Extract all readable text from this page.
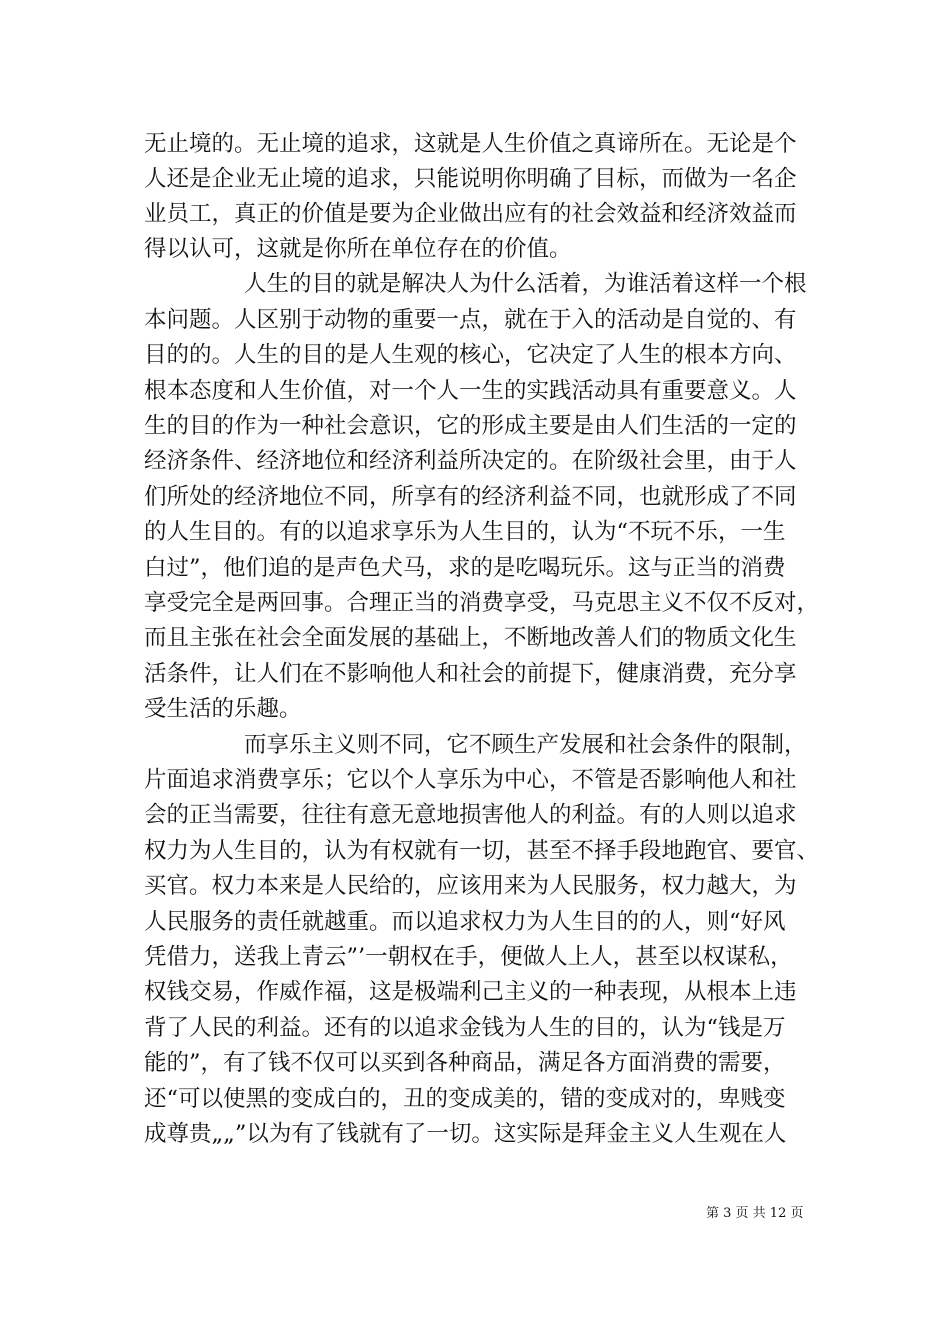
无止境的。无止境的追求，这就是人生价值之真谛所在。无论是个
人还是企业无止境的追求，只能说明你明确了目标，而做为一名企
业员工，真正的价值是要为企业做出应有的社会效益和经济效益而
得以认可，这就是你所在单位存在的价值。
人生的目的就是解决人为什么活着，为谁活着这样一个根
本问题。人区别于动物的重要一点，就在于入的活动是自觉的、有
目的的。人生的目的是人生观的核心，它决定了人生的根本方向、
根本态度和人生价值，对一个人一生的实践活动具有重要意义。人
生的目的作为一种社会意识，它的形成主要是由人们生活的一定的
经济条件、经济地位和经济利益所决定的。在阶级社会里，由于人
们所处的经济地位不同，所享有的经济利益不同，也就形成了不同
的人生目的。有的以追求享乐为人生目的，认为“不玩不乐，一生
白过”，他们追的是声色犬马，求的是吃喝玩乐。这与正当的消费
享受完全是两回事。合理正当的消费享受，马克思主义不仅不反对，
而且主张在社会全面发展的基础上，不断地改善人们的物质文化生
活条件，让人们在不影响他人和社会的前提下，健康消费，充分享
受生活的乐趣。
而享乐主义则不同，它不顾生产发展和社会条件的限制，
片面追求消费享乐；它以个人享乐为中心，不管是否影响他人和社
会的正当需要，往往有意无意地损害他人的利益。有的人则以追求
权力为人生目的，认为有权就有一切，甚至不择手段地跑官、要官、
买官。权力本来是人民给的，应该用来为人民服务，权力越大，为
人民服务的责任就越重。而以追求权力为人生目的的人，则“好风
凭借力，送我上青云”’一朝权在手，便做人上人，甚至以权谋私，
权钱交易，作威作福，这是极端利己主义的一种表现，从根本上违
背了人民的利益。还有的以追求金钱为人生的目的，认为“钱是万
能的”，有了钱不仅可以买到各种商品，满足各方面消费的需要，
还“可以使黑的变成白的，丑的变成美的，错的变成对的，卑贱变
成尊贵„„”以为有了钱就有了一切。这实际是拜金主义人生观在人
第 3 页 共 12 页
